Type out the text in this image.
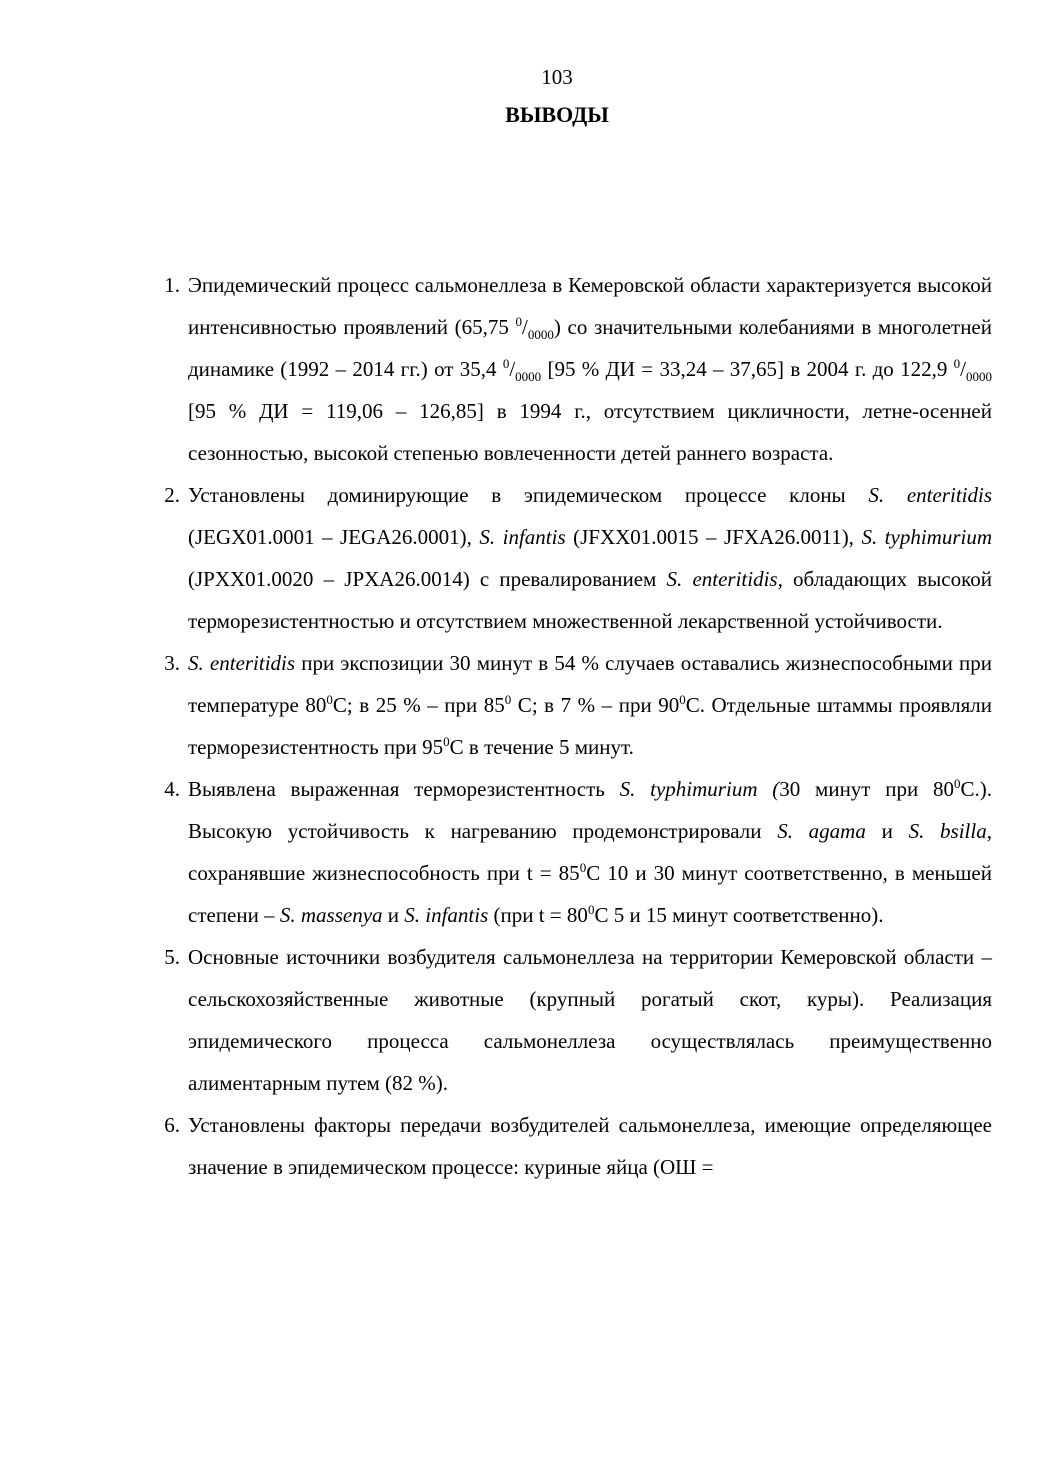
103
ВЫВОДЫ
1. Эпидемический процесс сальмонеллеза в Кемеровской области характеризуется высокой интенсивностью проявлений (65,75 $^0/_{0000}$) со значительными колебаниями в многолетней динамике (1992 – 2014 гг.) от 35,4 $^0/_{0000}$ [95 % ДИ = 33,24 – 37,65] в 2004 г. до 122,9 $^0/_{0000}$ [95 % ДИ = 119,06 – 126,85] в 1994 г., отсутствием цикличности, летне-осенней сезонностью, высокой степенью вовлеченности детей раннего возраста.
2. Установлены доминирующие в эпидемическом процессе клоны S. enteritidis (JEGX01.0001 – JEGA26.0001), S. infantis (JFXX01.0015 – JFXA26.0011), S. typhimurium (JPXX01.0020 – JPXA26.0014) с превалированием S. enteritidis, обладающих высокой терморезистентностью и отсутствием множественной лекарственной устойчивости.
3. S. enteritidis при экспозиции 30 минут в 54 % случаев оставались жизнеспособными при температуре $80^0С$; в 25 % – при $85^0$ С; в 7 % – при $90^0С$. Отдельные штаммы проявляли терморезистентность при $95^0С$ в течение 5 минут.
4. Выявлена выраженная терморезистентность S. typhimurium (30 минут при $80^0С$.). Высокую устойчивость к нагреванию продемонстрировали S. agama и S. bsilla, сохранявшие жизнеспособность при $t = 85^0С$ 10 и 30 минут соответственно, в меньшей степени – S. massenya и S. infantis (при $t = 80^0С$ 5 и 15 минут соответственно).
5. Основные источники возбудителя сальмонеллеза на территории Кемеровской области – сельскохозяйственные животные (крупный рогатый скот, куры). Реализация эпидемического процесса сальмонеллеза осуществлялась преимущественно алиментарным путем (82 %).
6. Установлены факторы передачи возбудителей сальмонеллеза, имеющие определяющее значение в эпидемическом процессе: куриные яйца (ОШ =
